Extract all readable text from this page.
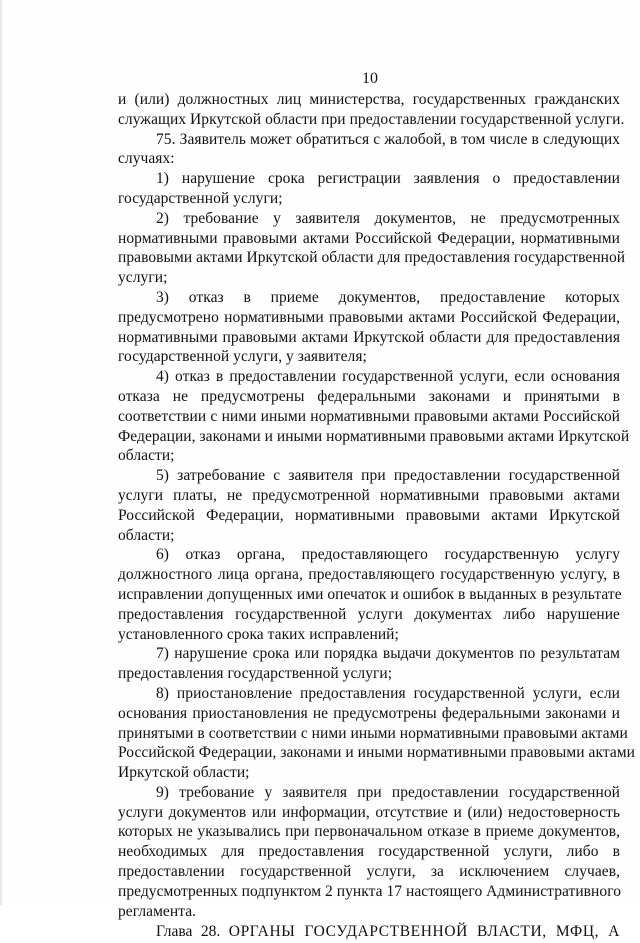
10
и (или) должностных лиц министерства, государственных гражданских
служащих Иркутской области при предоставлении государственной услуги.
75. Заявитель может обратиться с жалобой, в том числе в следующих
случаях:
1) нарушение срока регистрации заявления о предоставлении
государственной услуги;
2) требование у заявителя документов, не предусмотренных
нормативными правовыми актами Российской Федерации, нормативными
правовыми актами Иркутской области для предоставления государственной
услуги;
3) отказ в приеме документов, предоставление которых
предусмотрено нормативными правовыми актами Российской Федерации,
нормативными правовыми актами Иркутской области для предоставления
государственной услуги, у заявителя;
4) отказ в предоставлении государственной услуги, если основания
отказа не предусмотрены федеральными законами и принятыми в
соответствии с ними иными нормативными правовыми актами Российской
Федерации, законами и иными нормативными правовыми актами Иркутской
области;
5) затребование с заявителя при предоставлении государственной
услуги платы, не предусмотренной нормативными правовыми актами
Российской Федерации, нормативными правовыми актами Иркутской
области;
6) отказ органа, предоставляющего государственную услугу
должностного лица органа, предоставляющего государственную услугу, в
исправлении допущенных ими опечаток и ошибок в выданных в результате
предоставления государственной услуги документах либо нарушение
установленного срока таких исправлений;
7) нарушение срока или порядка выдачи документов по результатам
предоставления государственной услуги;
8) приостановление предоставления государственной услуги, если
основания приостановления не предусмотрены федеральными законами и
принятыми в соответствии с ними иными нормативными правовыми актами
Российской Федерации, законами и иными нормативными правовыми актами
Иркутской области;
9) требование у заявителя при предоставлении государственной
услуги документов или информации, отсутствие и (или) недостоверность
которых не указывались при первоначальном отказе в приеме документов,
необходимых для предоставления государственной услуги, либо в
предоставлении государственной услуги, за исключением случаев,
предусмотренных подпунктом 2 пункта 17 настоящего Административного
регламента.
Глава 28. ОРГАНЫ ГОСУДАРСТВЕННОЙ ВЛАСТИ, МФЦ, А
